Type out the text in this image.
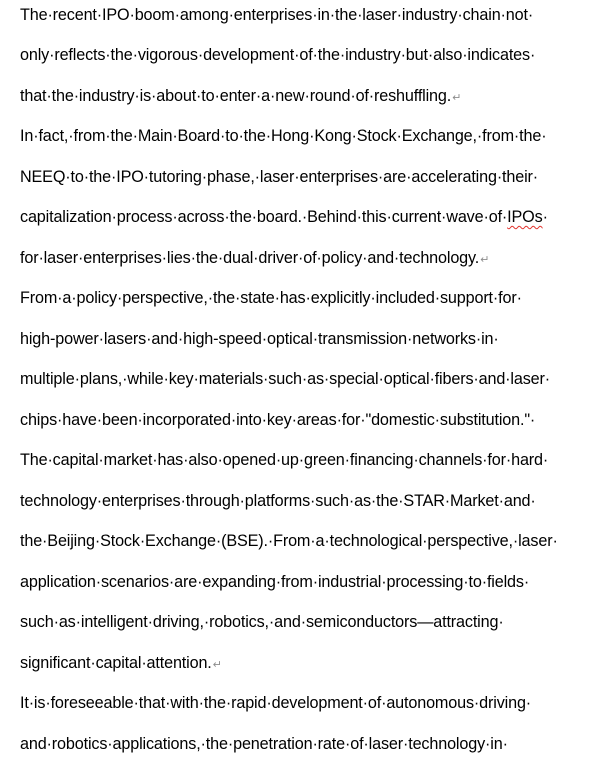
The·recent·IPO·boom·among·enterprises·in·the·laser·industry·chain·not·
only·reflects·the·vigorous·development·of·the·industry·but·also·indicates·
that·the·industry·is·about·to·enter·a·new·round·of·reshuffling.↵
In·fact,·from·the·Main·Board·to·the·Hong·Kong·Stock·Exchange,·from·the·
NEEQ·to·the·IPO·tutoring·phase,·laser·enterprises·are·accelerating·their·
capitalization·process·across·the·board.·Behind·this·current·wave·of·IPOs·
for·laser·enterprises·lies·the·dual·driver·of·policy·and·technology.↵
From·a·policy·perspective,·the·state·has·explicitly·included·support·for·
high-power·lasers·and·high-speed·optical·transmission·networks·in·
multiple·plans,·while·key·materials·such·as·special·optical·fibers·and·laser·
chips·have·been·incorporated·into·key·areas·for·"domestic·substitution."·
The·capital·market·has·also·opened·up·green·financing·channels·for·hard·
technology·enterprises·through·platforms·such·as·the·STAR·Market·and·
the·Beijing·Stock·Exchange·(BSE).·From·a·technological·perspective,·laser·
application·scenarios·are·expanding·from·industrial·processing·to·fields·
such·as·intelligent·driving,·robotics,·and·semiconductors—attracting·
significant·capital·attention.↵
It·is·foreseeable·that·with·the·rapid·development·of·autonomous·driving·
and·robotics·applications,·the·penetration·rate·of·laser·technology·in·
